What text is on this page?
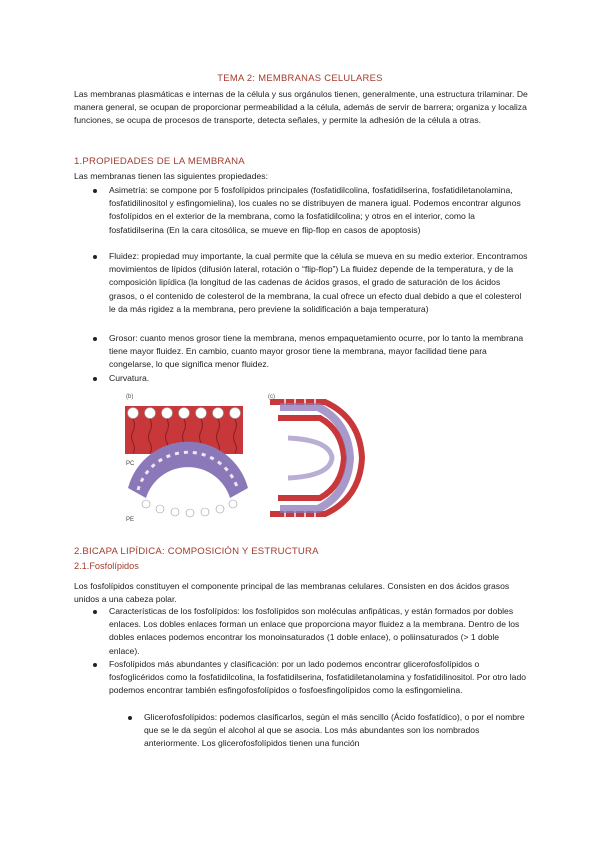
TEMA 2: MEMBRANAS CELULARES
Las membranas plasmáticas e internas de la célula y sus orgánulos tienen, generalmente, una estructura trilaminar. De manera general, se ocupan de proporcionar permeabilidad a la célula, además de servir de barrera; organiza y localiza funciones, se ocupa de procesos de transporte, detecta señales, y permite la adhesión de la célula a otras.
1.PROPIEDADES DE LA MEMBRANA
Las membranas tienen las siguientes propiedades:
Asimetría: se compone por 5 fosfolípidos principales (fosfatidilcolina, fosfatidilserina, fosfatidiletanolamina, fosfatidilinositol y esfingomielina), los cuales no se distribuyen de manera igual. Podemos encontrar algunos fosfolípidos en el exterior de la membrana, como la fosfatidilcolina; y otros en el interior, como la fosfatidilserina (En la cara citosólica, se mueve en flip-flop en casos de apoptosis)
Fluidez: propiedad muy importante, la cual permite que la célula se mueva en su medio exterior. Encontramos movimientos de lípidos (difusión lateral, rotación o “flip-flop”) La fluidez depende de la temperatura, y de la composición lipídica (la longitud de las cadenas de ácidos grasos, el grado de saturación de los ácidos grasos, o el contenido de colesterol de la membrana, la cual ofrece un efecto dual debido a que el colesterol le da más rigidez a la membrana, pero previene la solidificación a baja temperatura)
Grosor: cuanto menos grosor tiene la membrana, menos empaquetamiento ocurre, por lo tanto la membrana tiene mayor fluidez. En cambio, cuanto mayor grosor tiene la membrana, mayor facilidad tiene para congelarse, lo que significa menor fluidez.
Curvatura.
(b)
PC
PE
(c)
2.BICAPA LIPÍDICA: COMPOSICIÓN Y ESTRUCTURA
2.1.Fosfolípidos
Los fosfolípidos constituyen el componente principal de las membranas celulares. Consisten en dos ácidos grasos unidos a una cabeza polar.
Características de los fosfolípidos: los fosfolípidos son moléculas anfipáticas, y están formados por dobles enlaces. Los dobles enlaces forman un enlace que proporciona mayor fluidez a la membrana. Dentro de los dobles enlaces podemos encontrar los monoinsaturados (1 doble enlace), o poliinsaturados (> 1 doble enlace).
Fosfolípidos más abundantes y clasificación: por un lado podemos encontrar glicerofosfolípidos o fosfoglicéridos como la fosfatidilcolina, la fosfatidilserina, fosfatidiletanolamina y fosfatidilinositol. Por otro lado podemos encontrar también esfingofosfolípidos o fosfoesfingolípidos como la esfingomielina.
Glicerofosfolípidos: podemos clasificarlos, según el más sencillo (Ácido fosfatídico), o por el nombre que se le da según el alcohol al que se asocia. Los más abundantes son los nombrados anteriormente. Los glicerofosfolípidos tienen una función
